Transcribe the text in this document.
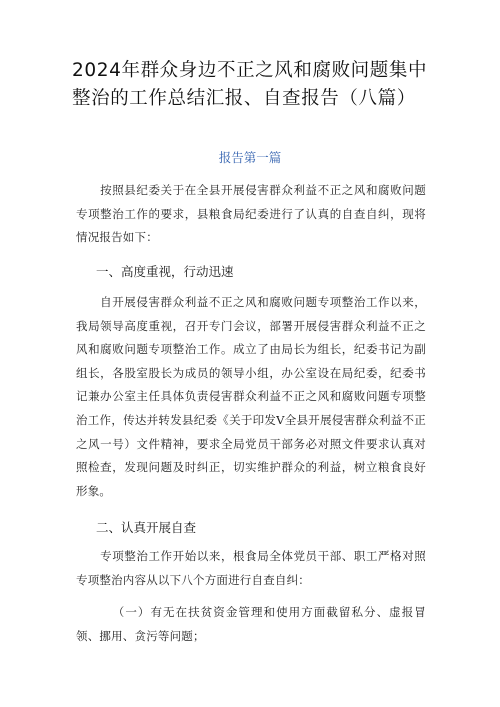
2024年群众身边不正之风和腐败问题集中整治的工作总结汇报、自查报告（八篇）
报告第一篇

按照县纪委关于在全县开展侵害群众利益不正之风和腐败问题专项整治工作的要求，县粮食局纪委进行了认真的自查自纠，现将情况报告如下：

一、高度重视，行动迅速

自开展侵害群众利益不正之风和腐败问题专项整治工作以来，我局领导高度重视，召开专门会议，部署开展侵害群众利益不正之风和腐败问题专项整治工作。成立了由局长为组长，纪委书记为副组长，各股室股长为成员的领导小组，办公室设在局纪委，纪委书记兼办公室主任具体负责侵害群众利益不正之风和腐败问题专项整治工作，传达并转发县纪委《关于印发V全县开展侵害群众利益不正之风一号）文件精神，要求全局党员干部务必对照文件要求认真对照检查，发现问题及时纠正，切实维护群众的利益，树立粮食良好形象。

二、认真开展自查

专项整治工作开始以来，根食局全体党员干部、职工严格对照专项整治内容从以下八个方面进行自查自纠：

（一）有无在扶贫资金管理和使用方面截留私分、虚报冒领、挪用、贪污等问题；
